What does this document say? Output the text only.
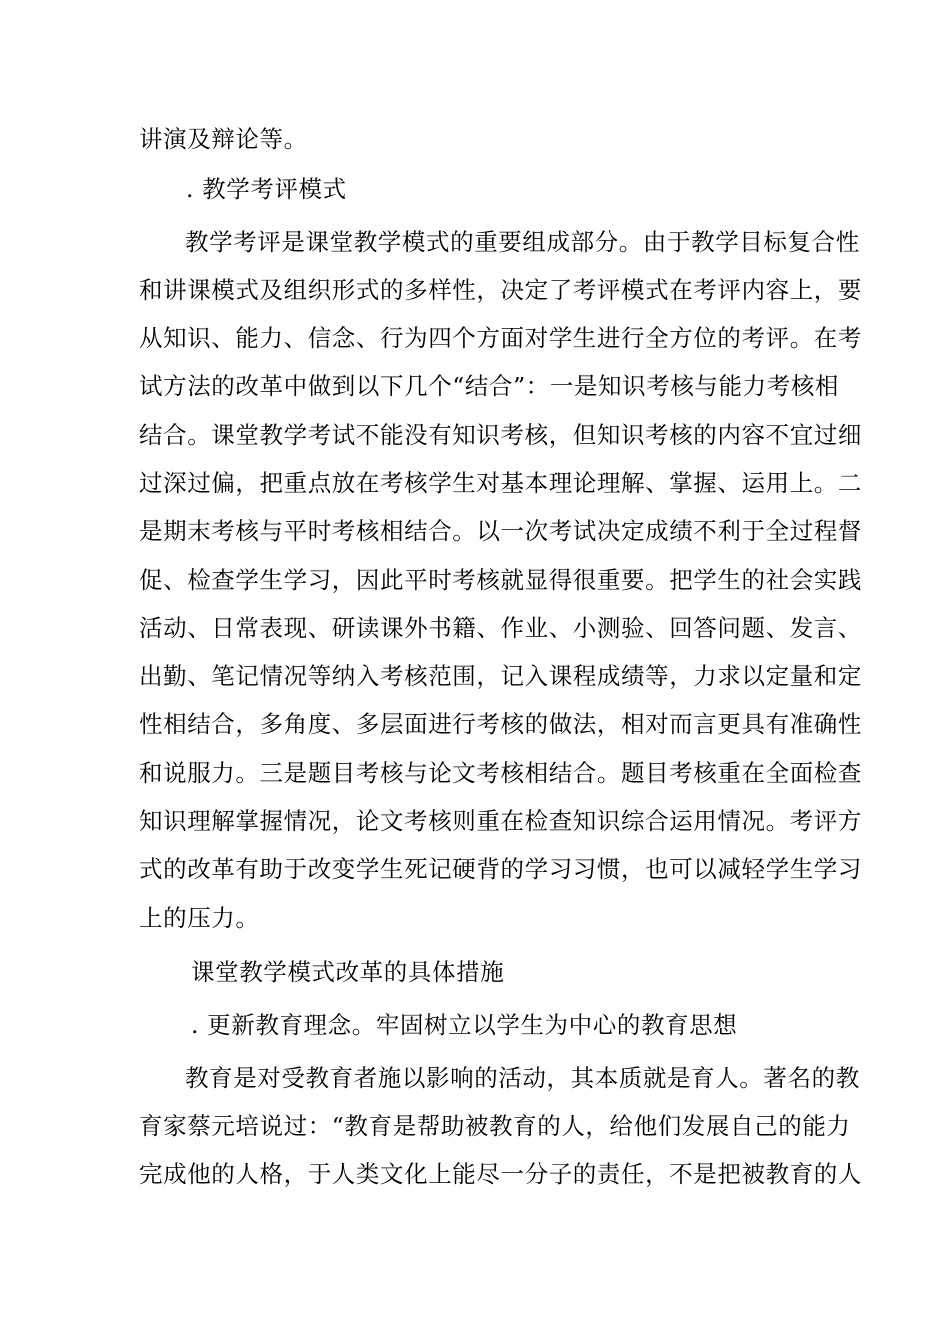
讲演及辩论等。
. 教学考评模式
教学考评是课堂教学模式的重要组成部分。由于教学目标复合性
和讲课模式及组织形式的多样性，决定了考评模式在考评内容上，要
从知识、能力、信念、行为四个方面对学生进行全方位的考评。在考
试方法的改革中做到以下几个“结合”：一是知识考核与能力考核相
结合。课堂教学考试不能没有知识考核，但知识考核的内容不宜过细
过深过偏，把重点放在考核学生对基本理论理解、掌握、运用上。二
是期末考核与平时考核相结合。以一次考试决定成绩不利于全过程督
促、检查学生学习，因此平时考核就显得很重要。把学生的社会实践
活动、日常表现、研读课外书籍、作业、小测验、回答问题、发言、
出勤、笔记情况等纳入考核范围，记入课程成绩等，力求以定量和定
性相结合，多角度、多层面进行考核的做法，相对而言更具有准确性
和说服力。三是题目考核与论文考核相结合。题目考核重在全面检查
知识理解掌握情况，论文考核则重在检查知识综合运用情况。考评方
式的改革有助于改变学生死记硬背的学习习惯，也可以减轻学生学习
上的压力。
课堂教学模式改革的具体措施
. 更新教育理念。牢固树立以学生为中心的教育思想
教育是对受教育者施以影响的活动，其本质就是育人。著名的教
育家蔡元培说过：“教育是帮助被教育的人，给他们发展自己的能力
完成他的人格，于人类文化上能尽一分子的责任，不是把被教育的人
